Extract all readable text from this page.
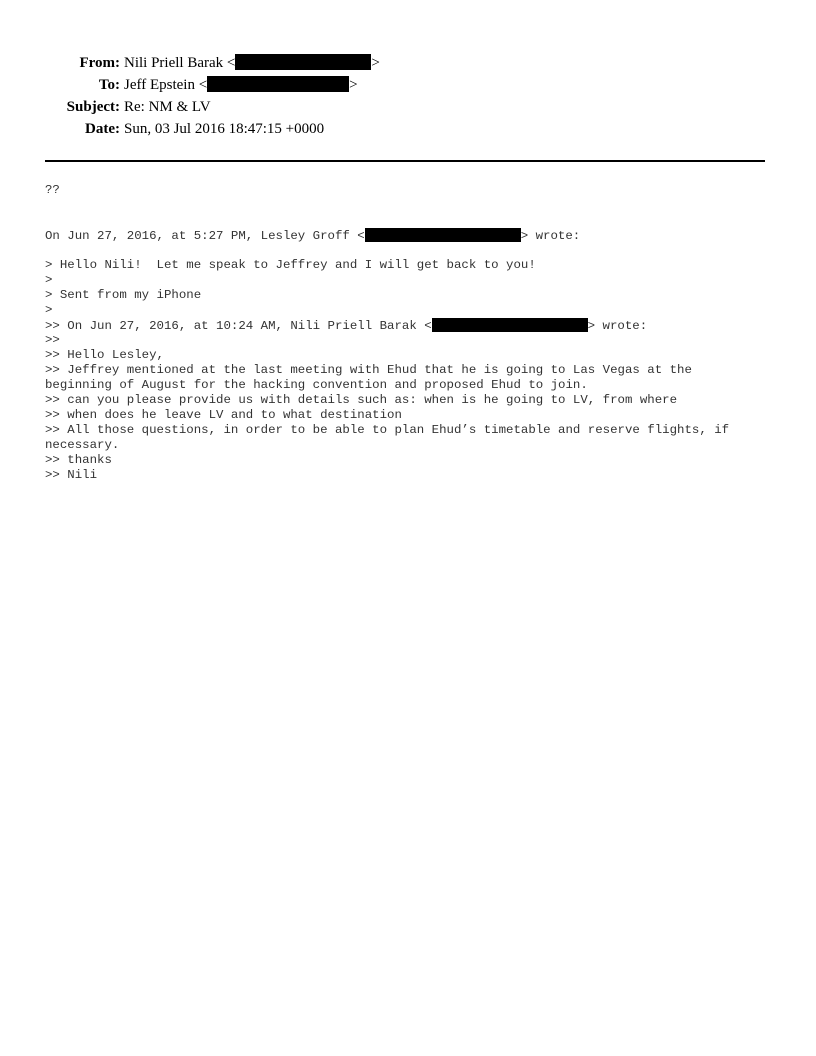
From: Nili Priell Barak <	>
To: Jeff Epstein <	>
Subject: Re: NM & LV
Date: Sun, 03 Jul 2016 18:47:15 +0000
??
On Jun 27, 2016, at 5:27 PM, Lesley Groff <	> wrote:
> Hello Nili!  Let me speak to Jeffrey and I will get back to you!
>
> Sent from my iPhone
>
>> On Jun 27, 2016, at 10:24 AM, Nili Priell Barak <	> wrote:
>>
>> Hello Lesley,
>> Jeffrey mentioned at the last meeting with Ehud that he is going to Las Vegas at the
beginning of August for the hacking convention and proposed Ehud to join.
>> can you please provide us with details such as: when is he going to LV, from where
>> when does he leave LV and to what destination
>> All those questions, in order to be able to plan Ehud’s timetable and reserve flights, if
necessary.
>> thanks
>> Nili
